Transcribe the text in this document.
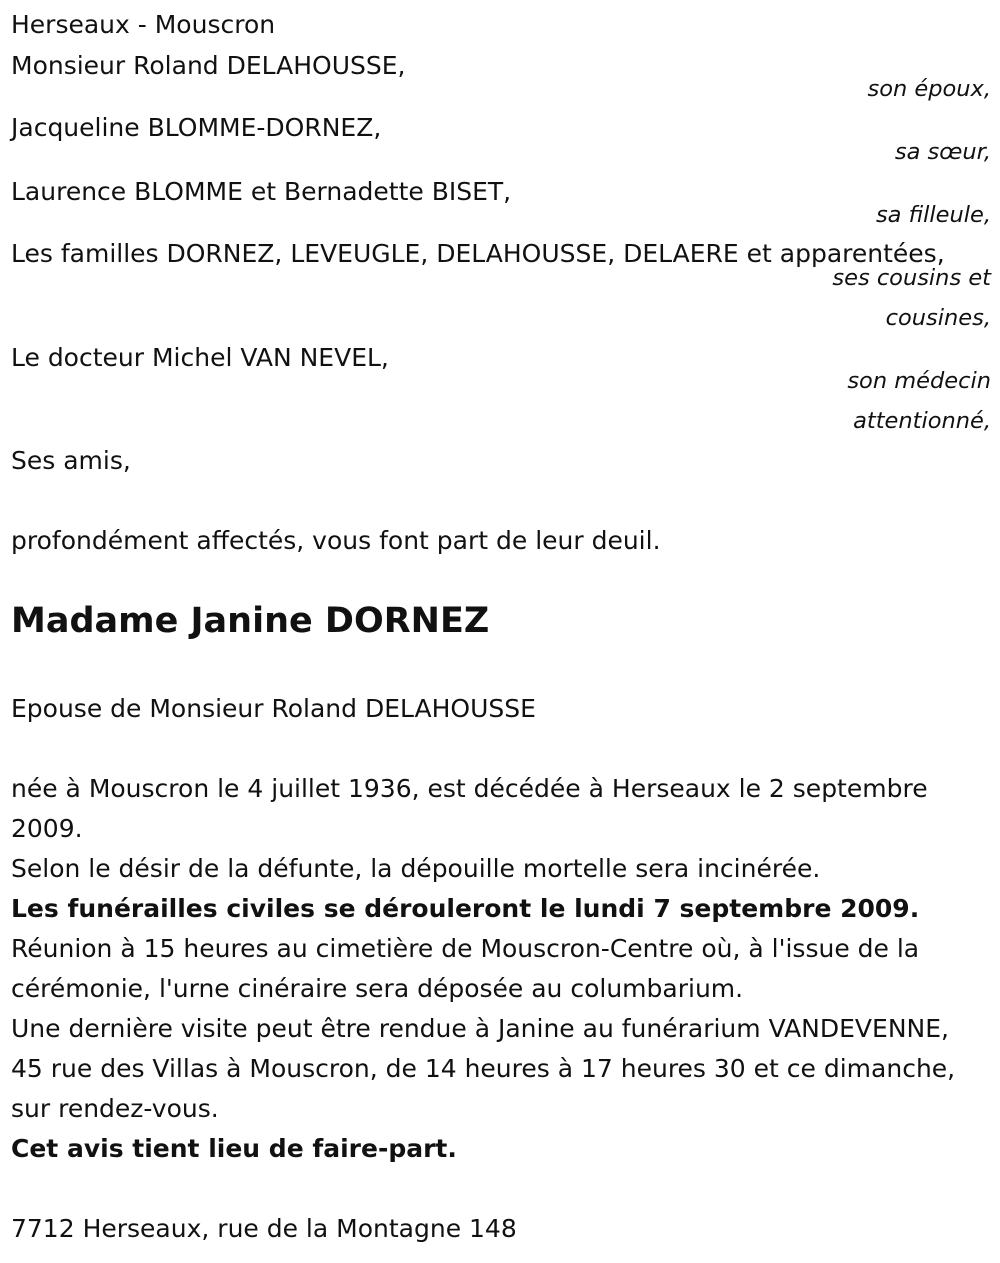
Herseaux - Mouscron
Monsieur Roland DELAHOUSSE,
son époux,
Jacqueline BLOMME-DORNEZ,
sa sœur,
Laurence BLOMME et Bernadette BISET,
sa filleule,
Les familles DORNEZ, LEVEUGLE, DELAHOUSSE, DELAERE et apparentées,
ses cousins et
cousines,
Le docteur Michel VAN NEVEL,
son médecin
attentionné,
Ses amis,
profondément affectés, vous font part de leur deuil.
Madame Janine DORNEZ
Epouse de Monsieur Roland DELAHOUSSE
née à Mouscron le 4 juillet 1936, est décédée à Herseaux le 2 septembre 2009.
Selon le désir de la défunte, la dépouille mortelle sera incinérée.
Les funérailles civiles se dérouleront le lundi 7 septembre 2009.
Réunion à 15 heures au cimetière de Mouscron-Centre où, à l'issue de la cérémonie, l'urne cinéraire sera déposée au columbarium.
Une dernière visite peut être rendue à Janine au funérarium VANDEVENNE, 45 rue des Villas à Mouscron, de 14 heures à 17 heures 30 et ce dimanche, sur rendez-vous.
Cet avis tient lieu de faire-part.
7712 Herseaux, rue de la Montagne 148
